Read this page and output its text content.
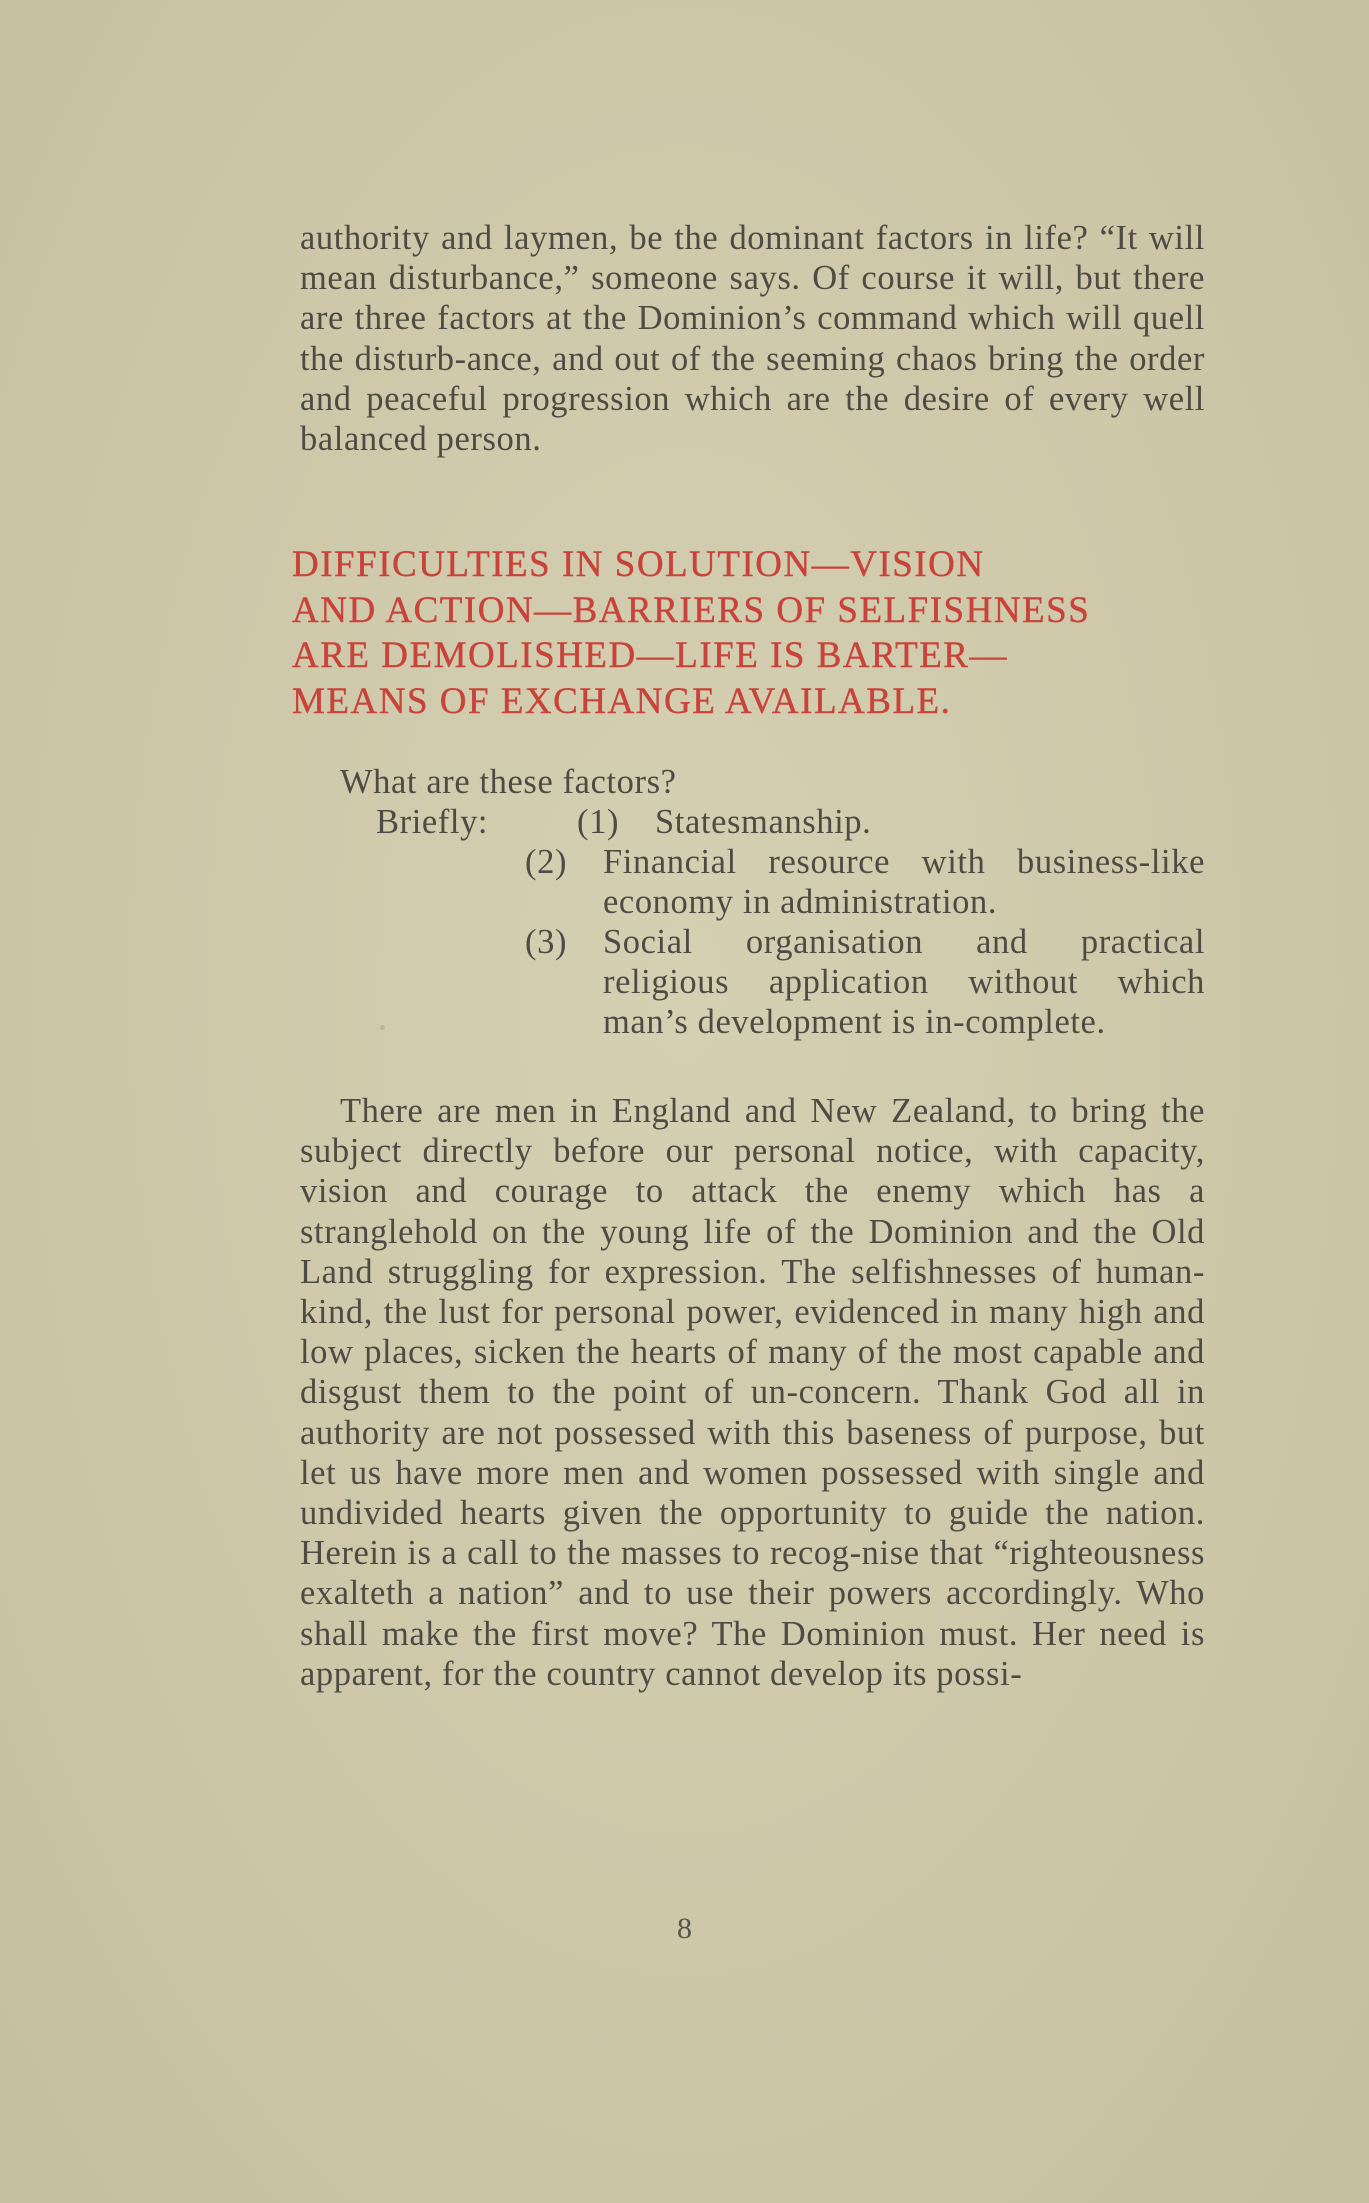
authority and laymen, be the dominant factors in life? “It will mean disturbance,” someone says. Of course it will, but there are three factors at the Dominion’s command which will quell the disturb-ance, and out of the seeming chaos bring the order and peaceful progression which are the desire of every well balanced person.

DIFFICULTIES IN SOLUTION—VISION
AND ACTION—BARRIERS OF SELFISHNESS
ARE DEMOLISHED—LIFE IS BARTER—
MEANS OF EXCHANGE AVAILABLE.
What are these factors?
Briefly:	(1)	Statesmanship.
(2)	Financial resource with business-like economy in administration.
(3)	Social organisation and practical religious application without which man’s development is in-complete.

There are men in England and New Zealand, to bring the subject directly before our personal notice, with capacity, vision and courage to attack the enemy which has a stranglehold on the young life of the Dominion and the Old Land struggling for expression. The selfishnesses of human-kind, the lust for personal power, evidenced in many high and low places, sicken the hearts of many of the most capable and disgust them to the point of un-concern. Thank God all in authority are not possessed with this baseness of purpose, but let us have more men and women possessed with single and undivided hearts given the opportunity to guide the nation. Herein is a call to the masses to recog-nise that “righteousness exalteth a nation” and to use their powers accordingly. Who shall make the first move? The Dominion must. Her need is apparent, for the country cannot develop its possi-

8
